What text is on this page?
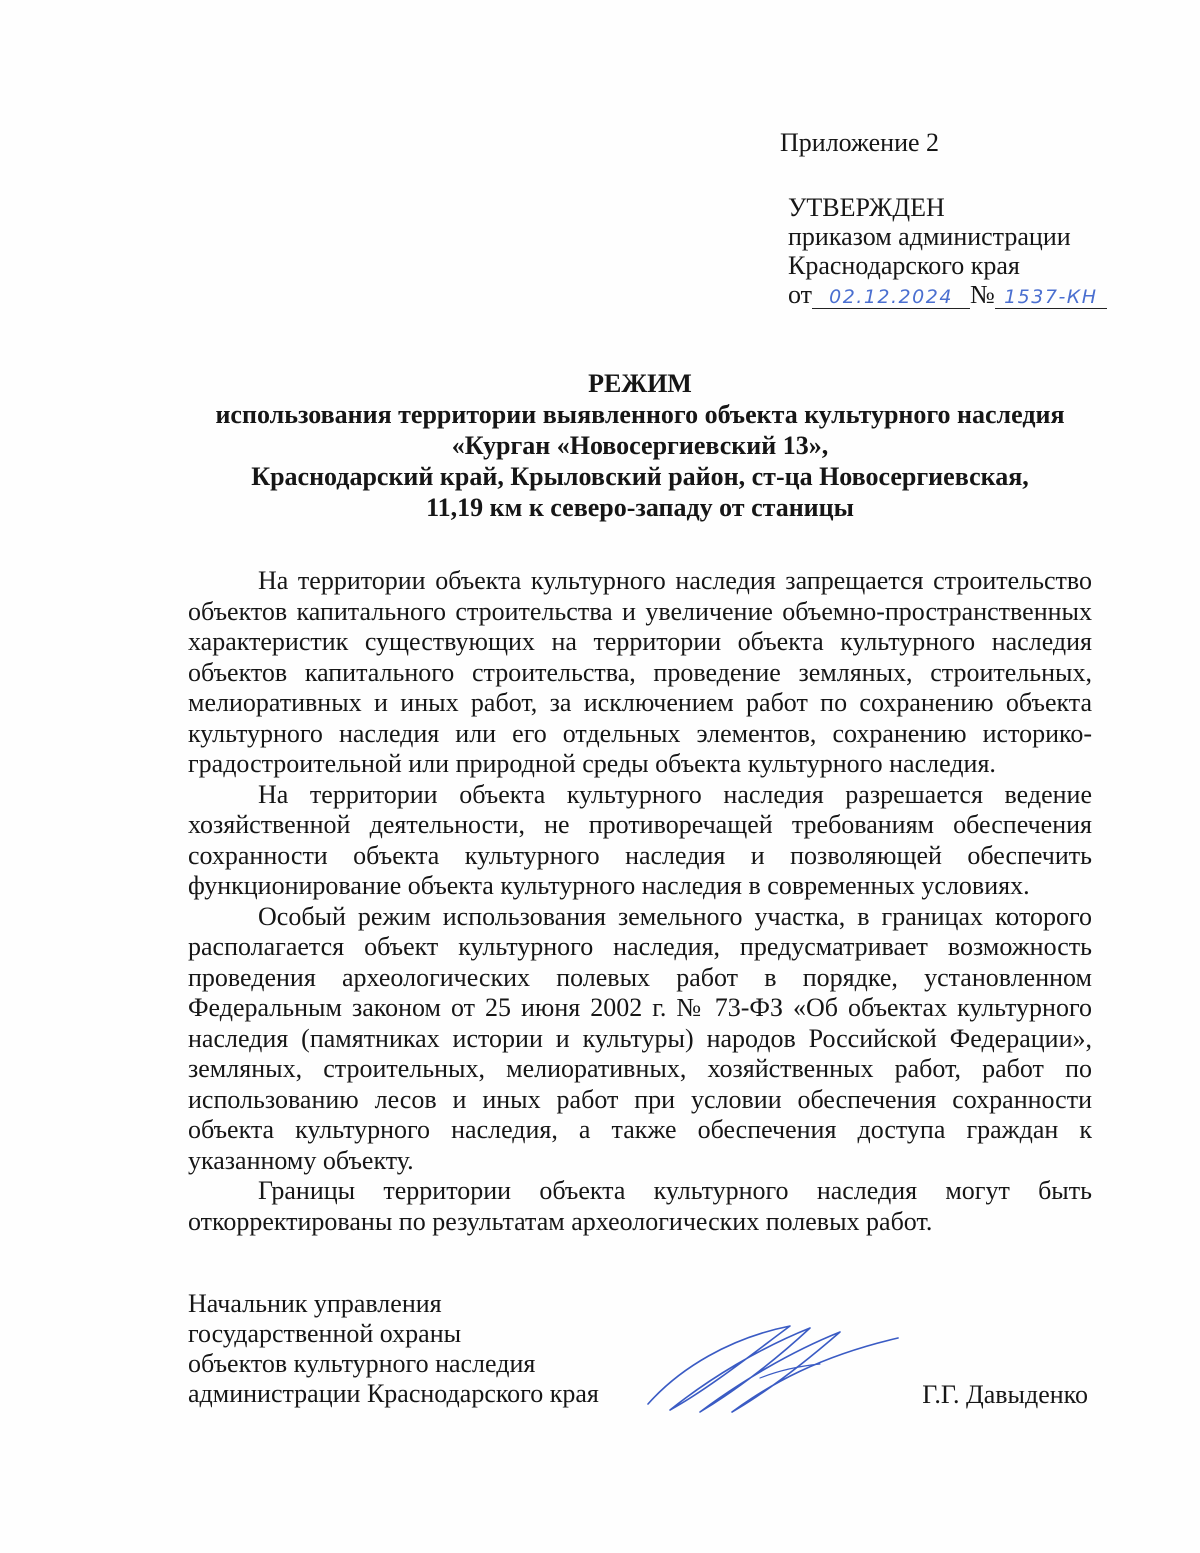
Приложение 2
УТВЕРЖДЕН
приказом администрации
Краснодарского края
от 02.12.2024 № 1537-КН
РЕЖИМ
использования территории выявленного объекта культурного наследия
«Курган «Новосергиевский 13»,
Краснодарский край, Крыловский район, ст-ца Новосергиевская,
11,19 км к северо-западу от станицы

На территории объекта культурного наследия запрещается строительство объектов капитального строительства и увеличение объемно-пространственных характеристик существующих на территории объекта культурного наследия объектов капитального строительства, проведение земляных, строительных, мелиоративных и иных работ, за исключением работ по сохранению объекта культурного наследия или его отдельных элементов, сохранению историко-градостроительной или природной среды объекта культурного наследия.

На территории объекта культурного наследия разрешается ведение хозяйственной деятельности, не противоречащей требованиям обеспечения сохранности объекта культурного наследия и позволяющей обеспечить функционирование объекта культурного наследия в современных условиях.

Особый режим использования земельного участка, в границах которого располагается объект культурного наследия, предусматривает возможность проведения археологических полевых работ в порядке, установленном Федеральным законом от 25 июня 2002 г. № 73-ФЗ «Об объектах культурного наследия (памятниках истории и культуры) народов Российской Федерации», земляных, строительных, мелиоративных, хозяйственных работ, работ по использованию лесов и иных работ при условии обеспечения сохранности объекта культурного наследия, а также обеспечения доступа граждан к указанному объекту.

Границы территории объекта культурного наследия могут быть откорректированы по результатам археологических полевых работ.

Начальник управления
государственной охраны
объектов культурного наследия
администрации Краснодарского края	Г.Г. Давыденко
